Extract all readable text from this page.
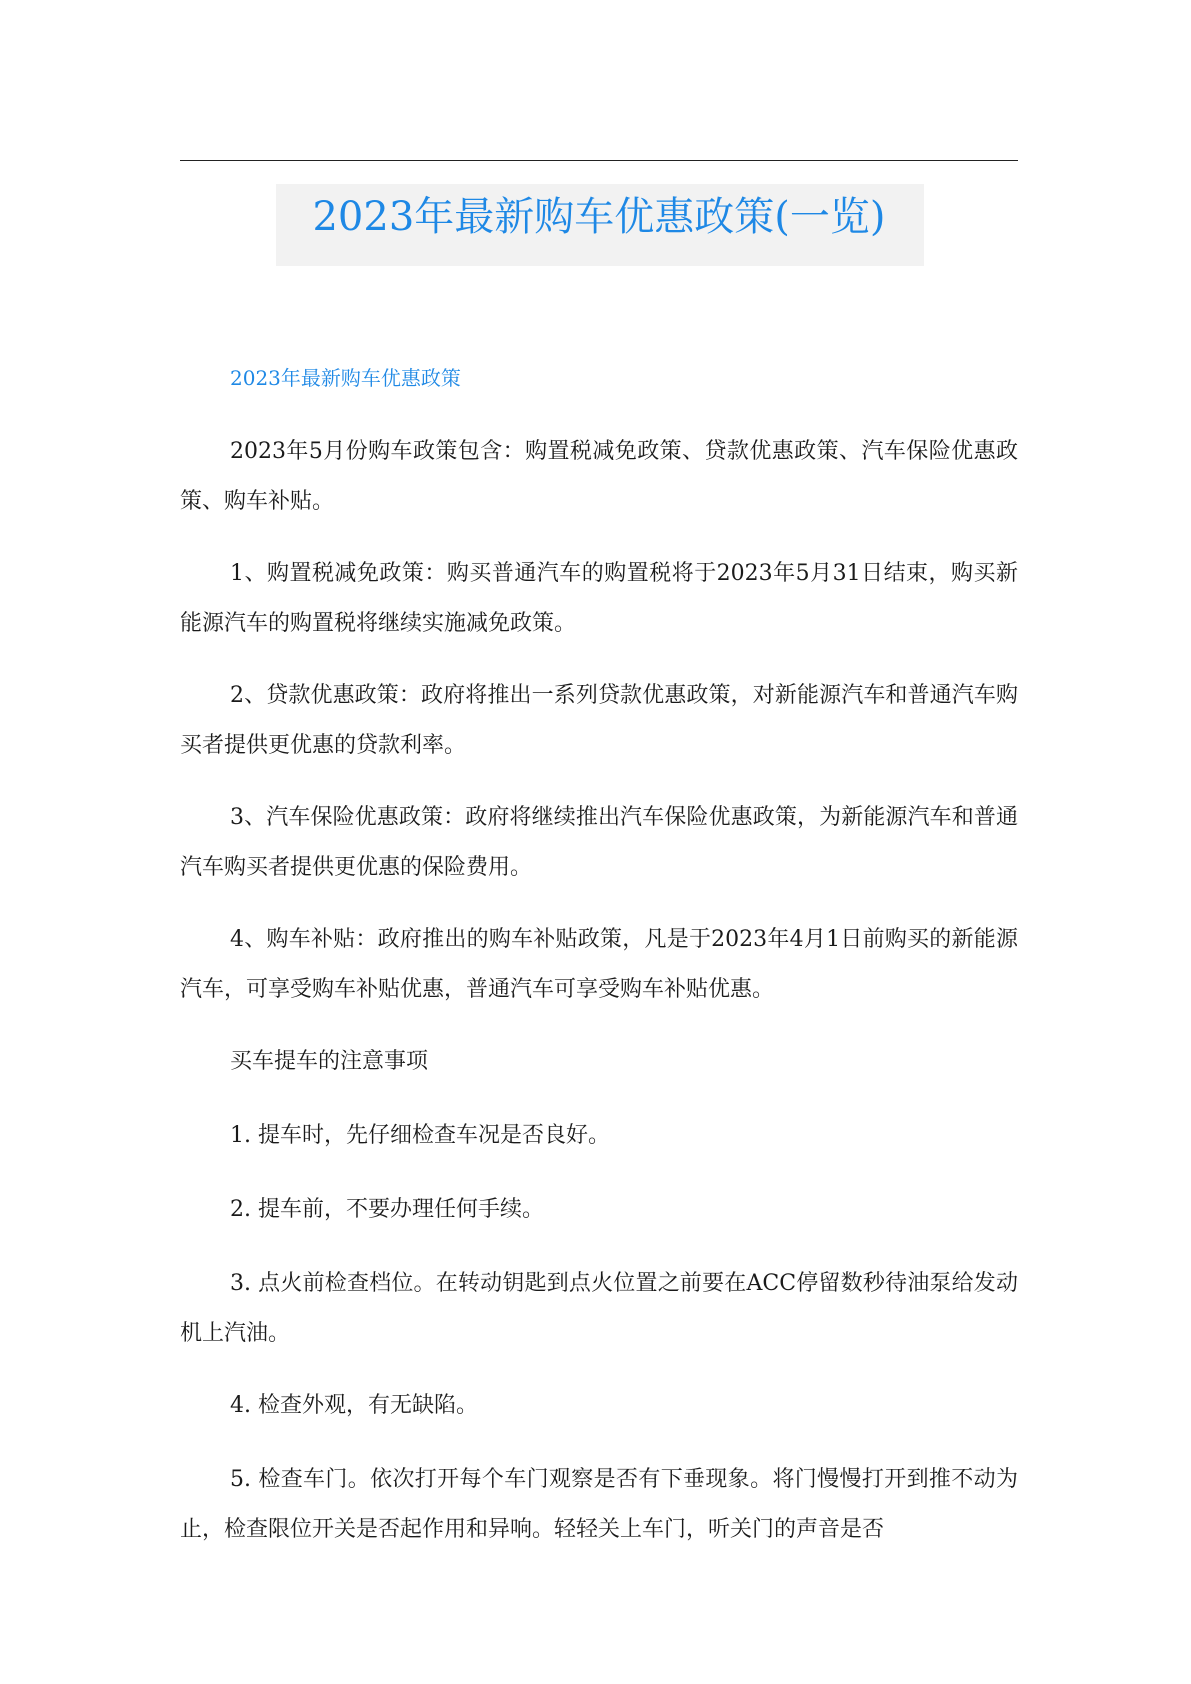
2023年最新购车优惠政策(一览)
2023年最新购车优惠政策

2023年5月份购车政策包含：购置税减免政策、贷款优惠政策、汽车保险优惠政策、购车补贴。

1、购置税减免政策：购买普通汽车的购置税将于2023年5月31日结束，购买新能源汽车的购置税将继续实施减免政策。

2、贷款优惠政策：政府将推出一系列贷款优惠政策，对新能源汽车和普通汽车购买者提供更优惠的贷款利率。

3、汽车保险优惠政策：政府将继续推出汽车保险优惠政策，为新能源汽车和普通汽车购买者提供更优惠的保险费用。

4、购车补贴：政府推出的购车补贴政策，凡是于2023年4月1日前购买的新能源汽车，可享受购车补贴优惠，普通汽车可享受购车补贴优惠。

买车提车的注意事项

1. 提车时，先仔细检查车况是否良好。

2. 提车前，不要办理任何手续。

3. 点火前检查档位。在转动钥匙到点火位置之前要在ACC停留数秒待油泵给发动机上汽油。

4. 检查外观，有无缺陷。

5. 检查车门。依次打开每个车门观察是否有下垂现象。将门慢慢打开到推不动为止，检查限位开关是否起作用和异响。轻轻关上车门，听关门的声音是否
